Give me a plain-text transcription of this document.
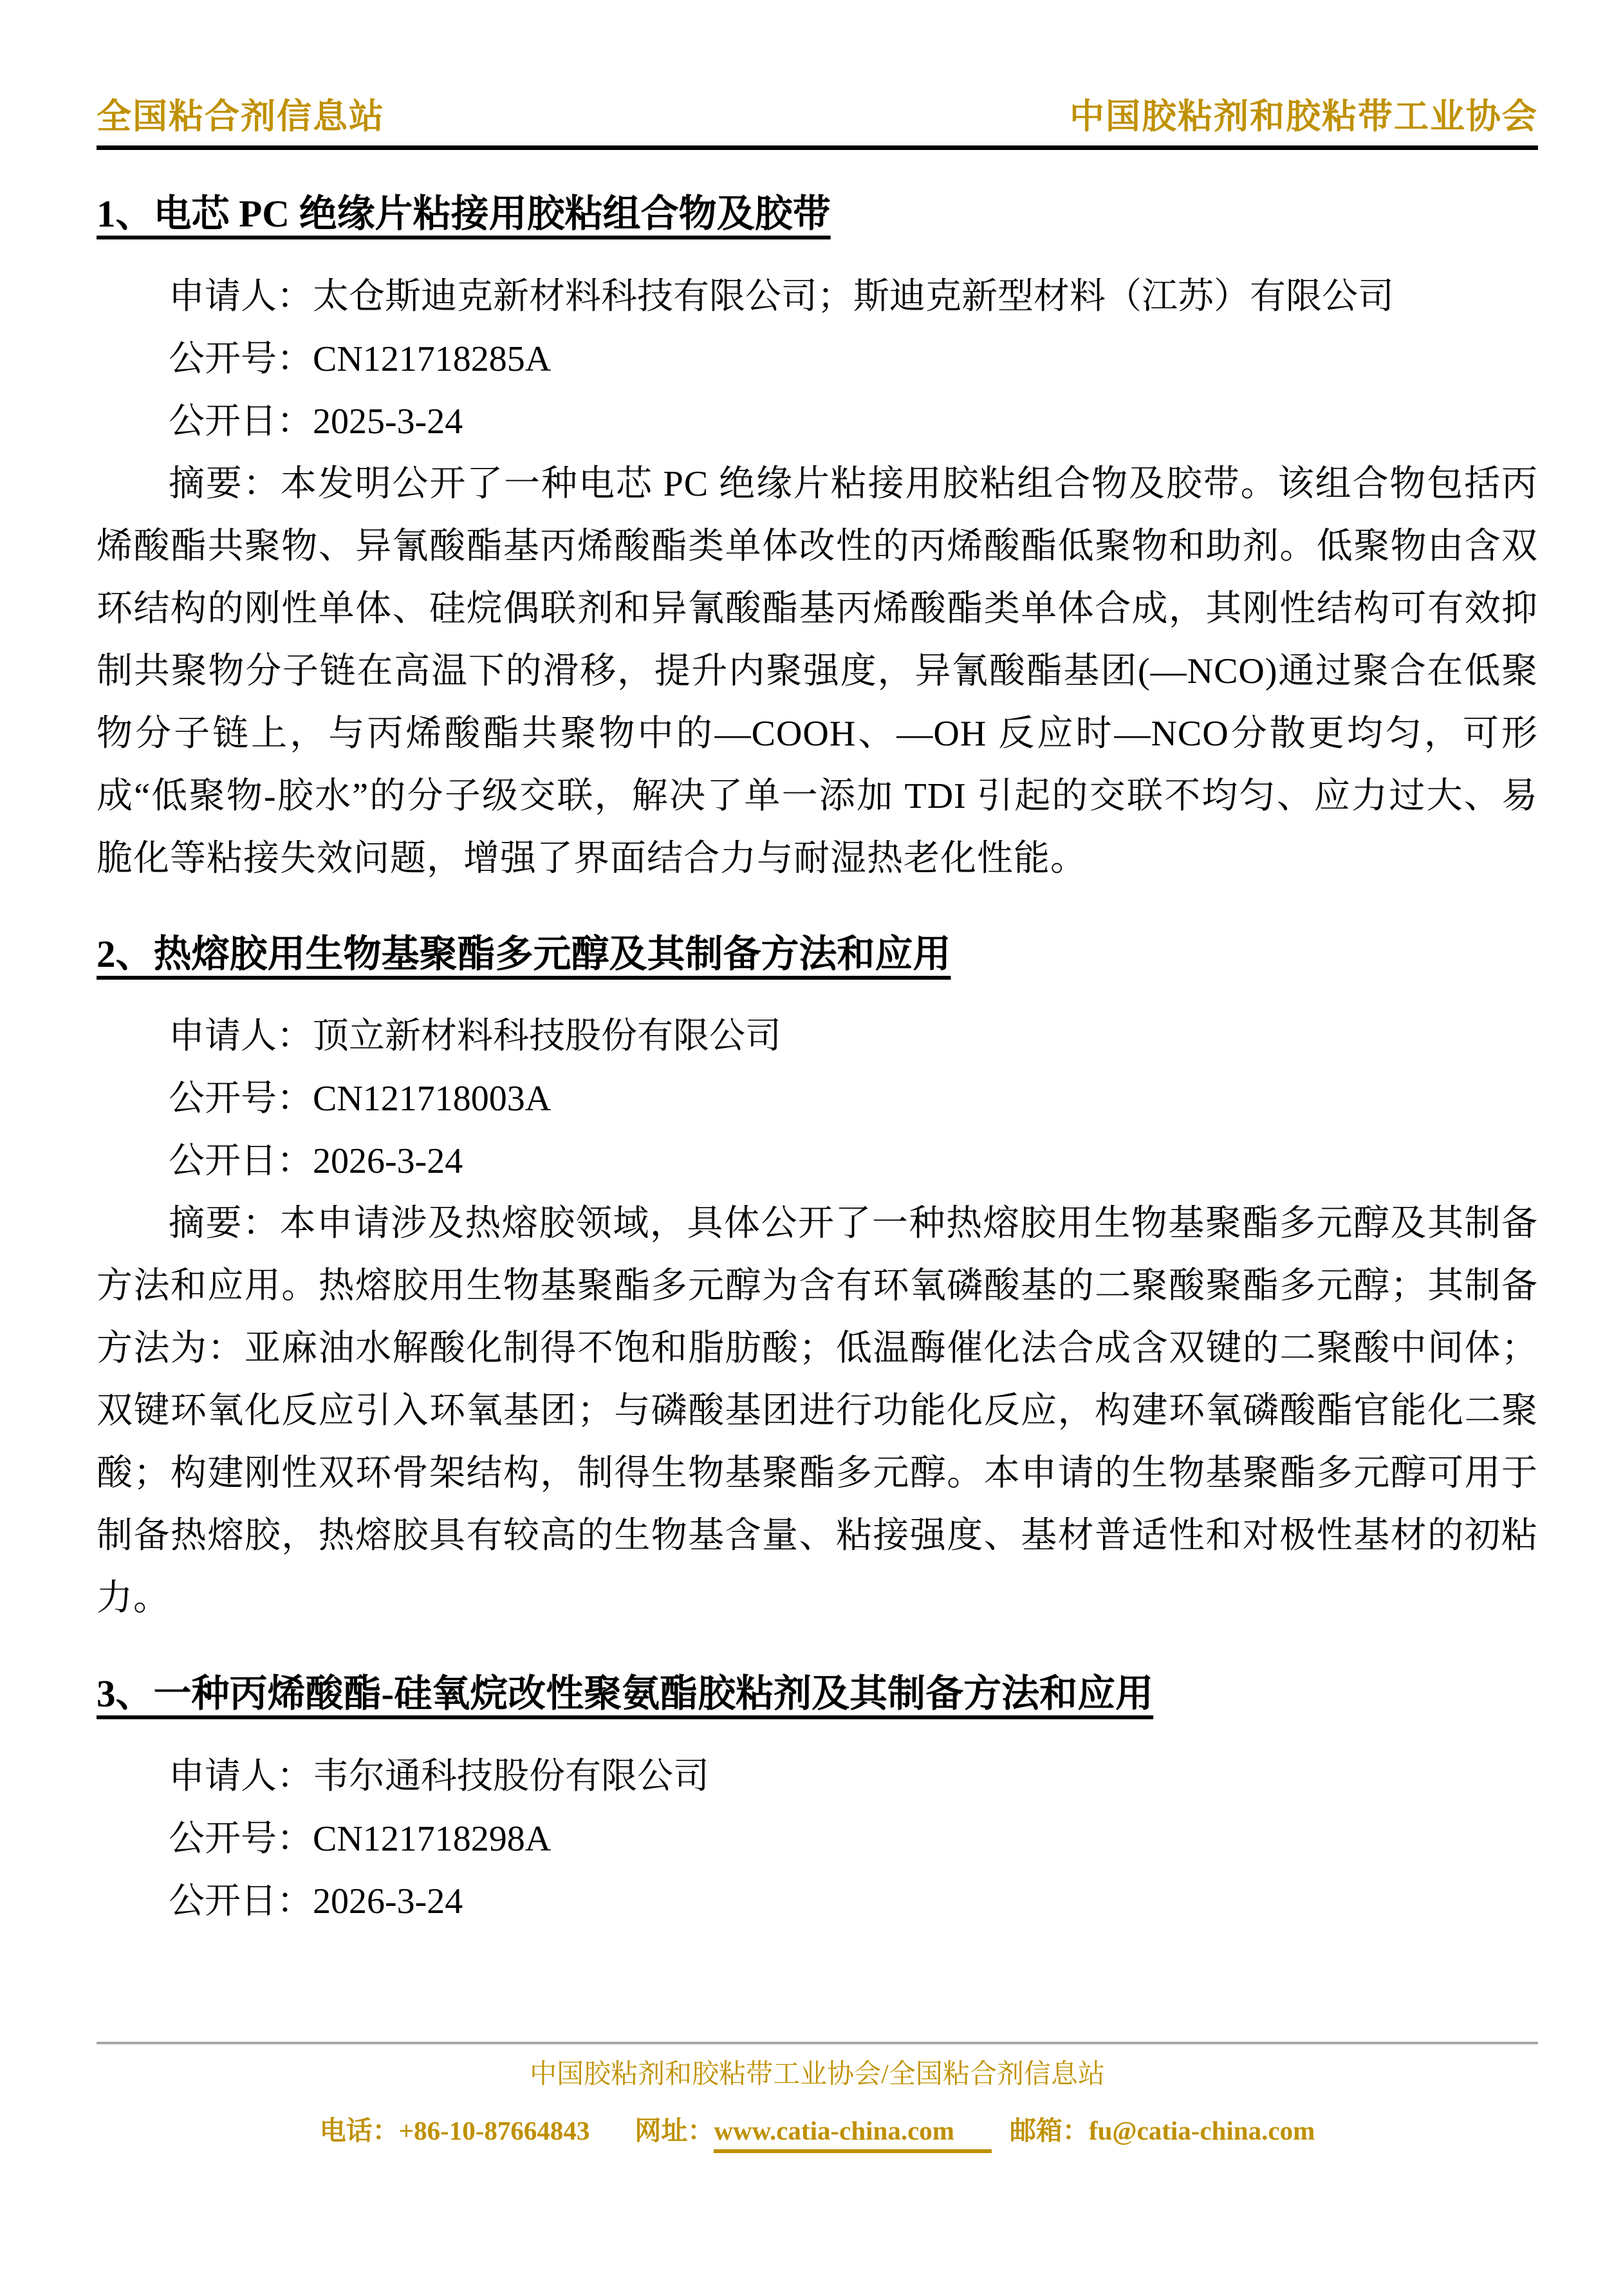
全国粘合剂信息站	中国胶粘剂和胶粘带工业协会
1、电芯 PC 绝缘片粘接用胶粘组合物及胶带

申请人：太仓斯迪克新材料科技有限公司；斯迪克新型材料（江苏）有限公司

公开号：CN121718285A

公开日：2025-3-24

摘要：本发明公开了一种电芯 PC 绝缘片粘接用胶粘组合物及胶带。该组合物包括丙烯酸酯共聚物、异氰酸酯基丙烯酸酯类单体改性的丙烯酸酯低聚物和助剂。低聚物由含双环结构的刚性单体、硅烷偶联剂和异氰酸酯基丙烯酸酯类单体合成，其刚性结构可有效抑制共聚物分子链在高温下的滑移，提升内聚强度，异氰酸酯基团(—NCO)通过聚合在低聚物分子链上，与丙烯酸酯共聚物中的—COOH、—OH 反应时—NCO分散更均匀，可形成“低聚物-胶水”的分子级交联，解决了单一添加 TDI 引起的交联不均匀、应力过大、易脆化等粘接失效问题，增强了界面结合力与耐湿热老化性能。

2、热熔胶用生物基聚酯多元醇及其制备方法和应用

申请人：顶立新材料科技股份有限公司

公开号：CN121718003A

公开日：2026-3-24

摘要：本申请涉及热熔胶领域，具体公开了一种热熔胶用生物基聚酯多元醇及其制备方法和应用。热熔胶用生物基聚酯多元醇为含有环氧磷酸基的二聚酸聚酯多元醇；其制备方法为：亚麻油水解酸化制得不饱和脂肪酸；低温酶催化法合成含双键的二聚酸中间体；双键环氧化反应引入环氧基团；与磷酸基团进行功能化反应，构建环氧磷酸酯官能化二聚酸；构建刚性双环骨架结构，制得生物基聚酯多元醇。本申请的生物基聚酯多元醇可用于制备热熔胶，热熔胶具有较高的生物基含量、粘接强度、基材普适性和对极性基材的初粘力。

3、一种丙烯酸酯-硅氧烷改性聚氨酯胶粘剂及其制备方法和应用

申请人：韦尔通科技股份有限公司

公开号：CN121718298A

公开日：2026-3-24

中国胶粘剂和胶粘带工业协会/全国粘合剂信息站

电话：+86-10-87664843 网址：www.catia-china.com 邮箱：fu@catia-china.com
